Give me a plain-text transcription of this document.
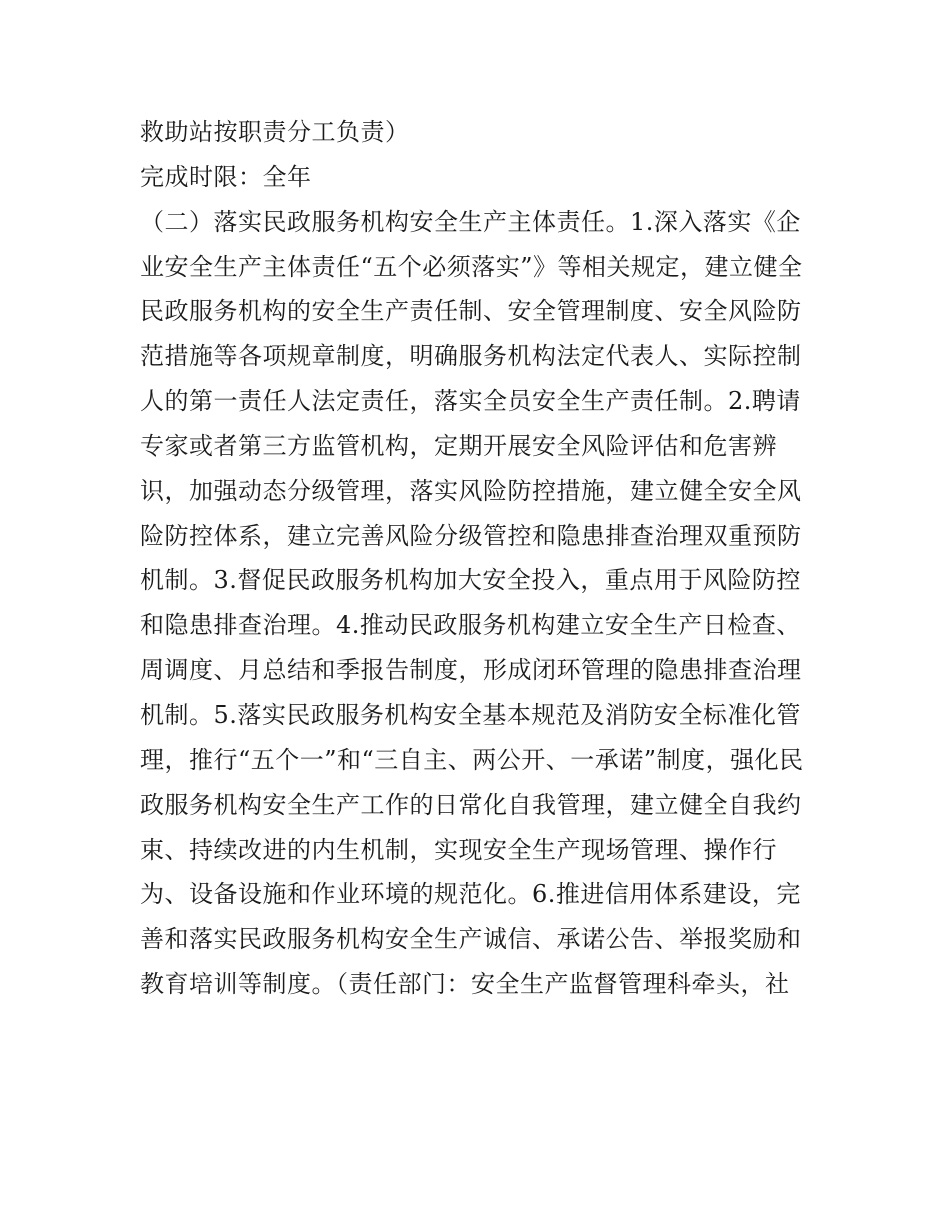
救助站按职责分工负责）
完成时限：全年
（二）落实民政服务机构安全生产主体责任。1.深入落实《企
业安全生产主体责任“五个必须落实”》等相关规定，建立健全
民政服务机构的安全生产责任制、安全管理制度、安全风险防
范措施等各项规章制度，明确服务机构法定代表人、实际控制
人的第一责任人法定责任，落实全员安全生产责任制。2.聘请
专家或者第三方监管机构，定期开展安全风险评估和危害辨
识，加强动态分级管理，落实风险防控措施，建立健全安全风
险防控体系，建立完善风险分级管控和隐患排查治理双重预防
机制。3.督促民政服务机构加大安全投入，重点用于风险防控
和隐患排查治理。4.推动民政服务机构建立安全生产日检查、
周调度、月总结和季报告制度，形成闭环管理的隐患排查治理
机制。5.落实民政服务机构安全基本规范及消防安全标准化管
理，推行“五个一”和“三自主、两公开、一承诺”制度，强化民
政服务机构安全生产工作的日常化自我管理，建立健全自我约
束、持续改进的内生机制，实现安全生产现场管理、操作行
为、设备设施和作业环境的规范化。6.推进信用体系建设，完
善和落实民政服务机构安全生产诚信、承诺公告、举报奖励和
教育培训等制度。（责任部门：安全生产监督管理科牵头，社
